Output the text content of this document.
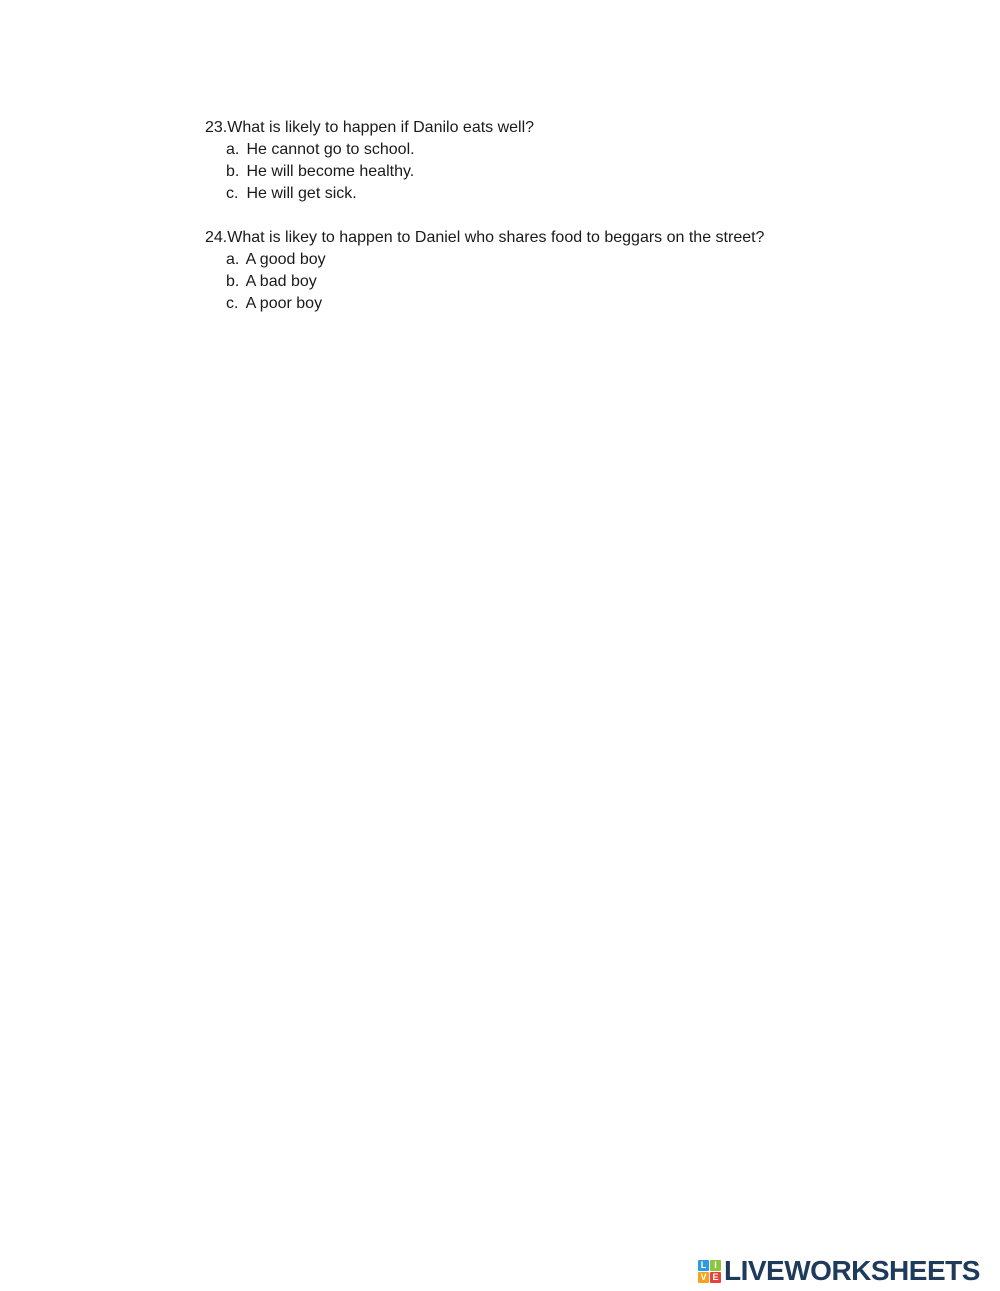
23.What is likely to happen if Danilo eats well?

a. He cannot go to school.
b. He will become healthy.
c. He will get sick.

24.What is likey to happen to Daniel who shares food to beggars on the street?

a. A good boy
b. A bad boy
c. A poor boy
L I
V E LIVEWORKSHEETS
